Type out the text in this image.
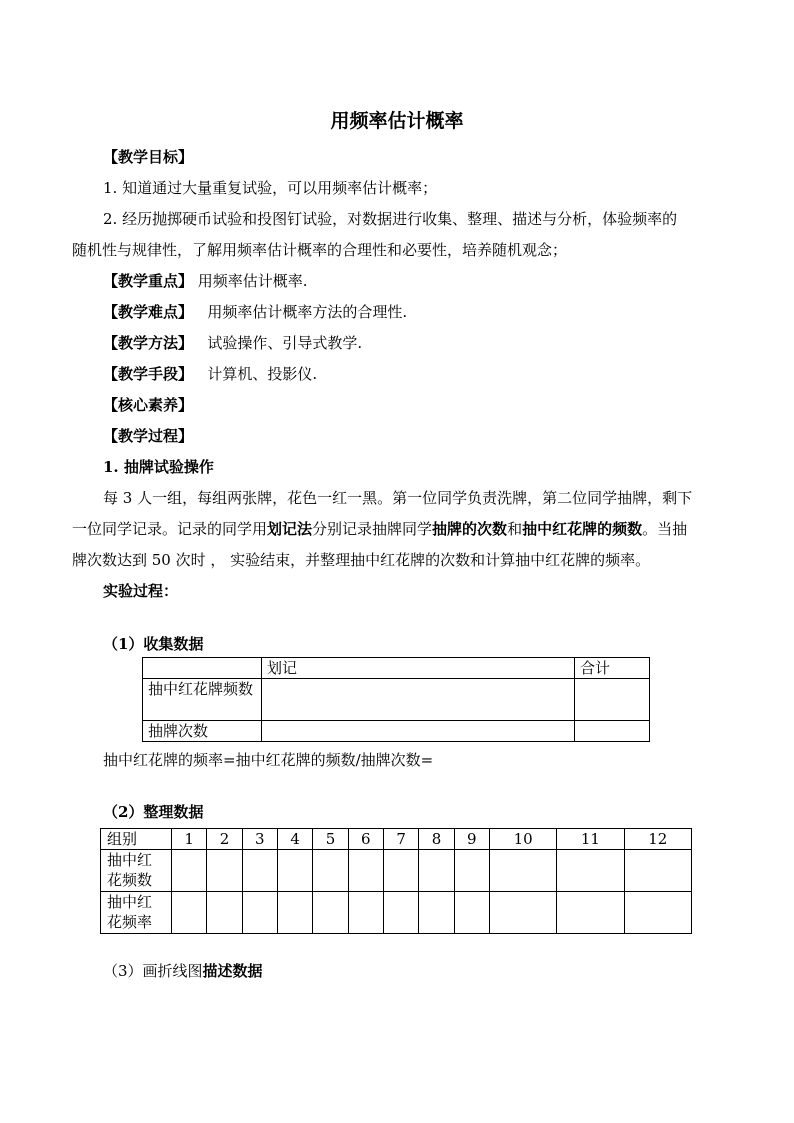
用频率估计概率
【教学目标】
1. 知道通过大量重复试验，可以用频率估计概率；
2. 经历抛掷硬币试验和投图钉试验，对数据进行收集、整理、描述与分析，体验频率的
随机性与规律性，了解用频率估计概率的合理性和必要性，培养随机观念；
【教学重点】 用频率估计概率.
【教学难点】 用频率估计概率方法的合理性.
【教学方法】 试验操作、引导式教学.
【教学手段】 计算机、投影仪.
【核心素养】
【教学过程】
1. 抽牌试验操作
每 3 人一组，每组两张牌，花色一红一黑。第一位同学负责洗牌，第二位同学抽牌，剩下
一位同学记录。记录的同学用划记法分别记录抽牌同学抽牌的次数和抽中红花牌的频数。当抽
牌次数达到 50 次时 ， 实验结束，并整理抽中红花牌的次数和计算抽中红花牌的频率。
实验过程：
（1）收集数据
	划记	合计
抽中红花牌频数		
抽牌次数		
抽中红花牌的频率=抽中红花牌的频数/抽牌次数=
（2）整理数据
组别	1	2	3	4	5	6	7	8	9	10	11	12
抽中红花频数												
抽中红花频率												
（3）画折线图描述数据
